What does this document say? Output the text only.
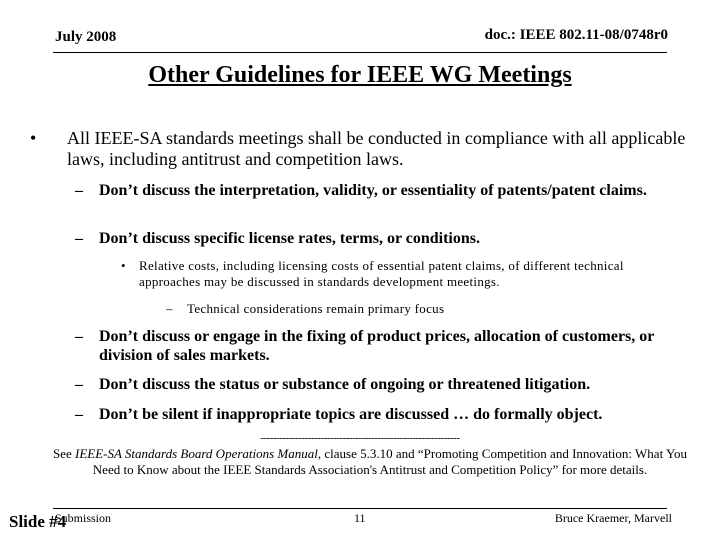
July 2008	doc.: IEEE 802.11-08/0748r0
Other Guidelines for IEEE WG Meetings
• All IEEE-SA standards meetings shall be conducted in compliance with all applicable laws, including antitrust and competition laws.
– Don’t discuss the interpretation, validity, or essentiality of patents/patent claims.
– Don’t discuss specific license rates, terms, or conditions.
• Relative costs, including licensing costs of essential patent claims, of different technical approaches may be discussed in standards development meetings.
– Technical considerations remain primary focus
– Don’t discuss or engage in the fixing of product prices, allocation of customers, or division of sales markets.
– Don’t discuss the status or substance of ongoing or threatened litigation.
– Don’t be silent if inappropriate topics are discussed … do formally object.
---------------------------------------------------------------
See IEEE-SA Standards Board Operations Manual, clause 5.3.10 and “Promoting Competition and Innovation: What You Need to Know about the IEEE Standards Association's Antitrust and Competition Policy” for more details.
Submission	11	Bruce Kraemer, Marvell
Slide #4
